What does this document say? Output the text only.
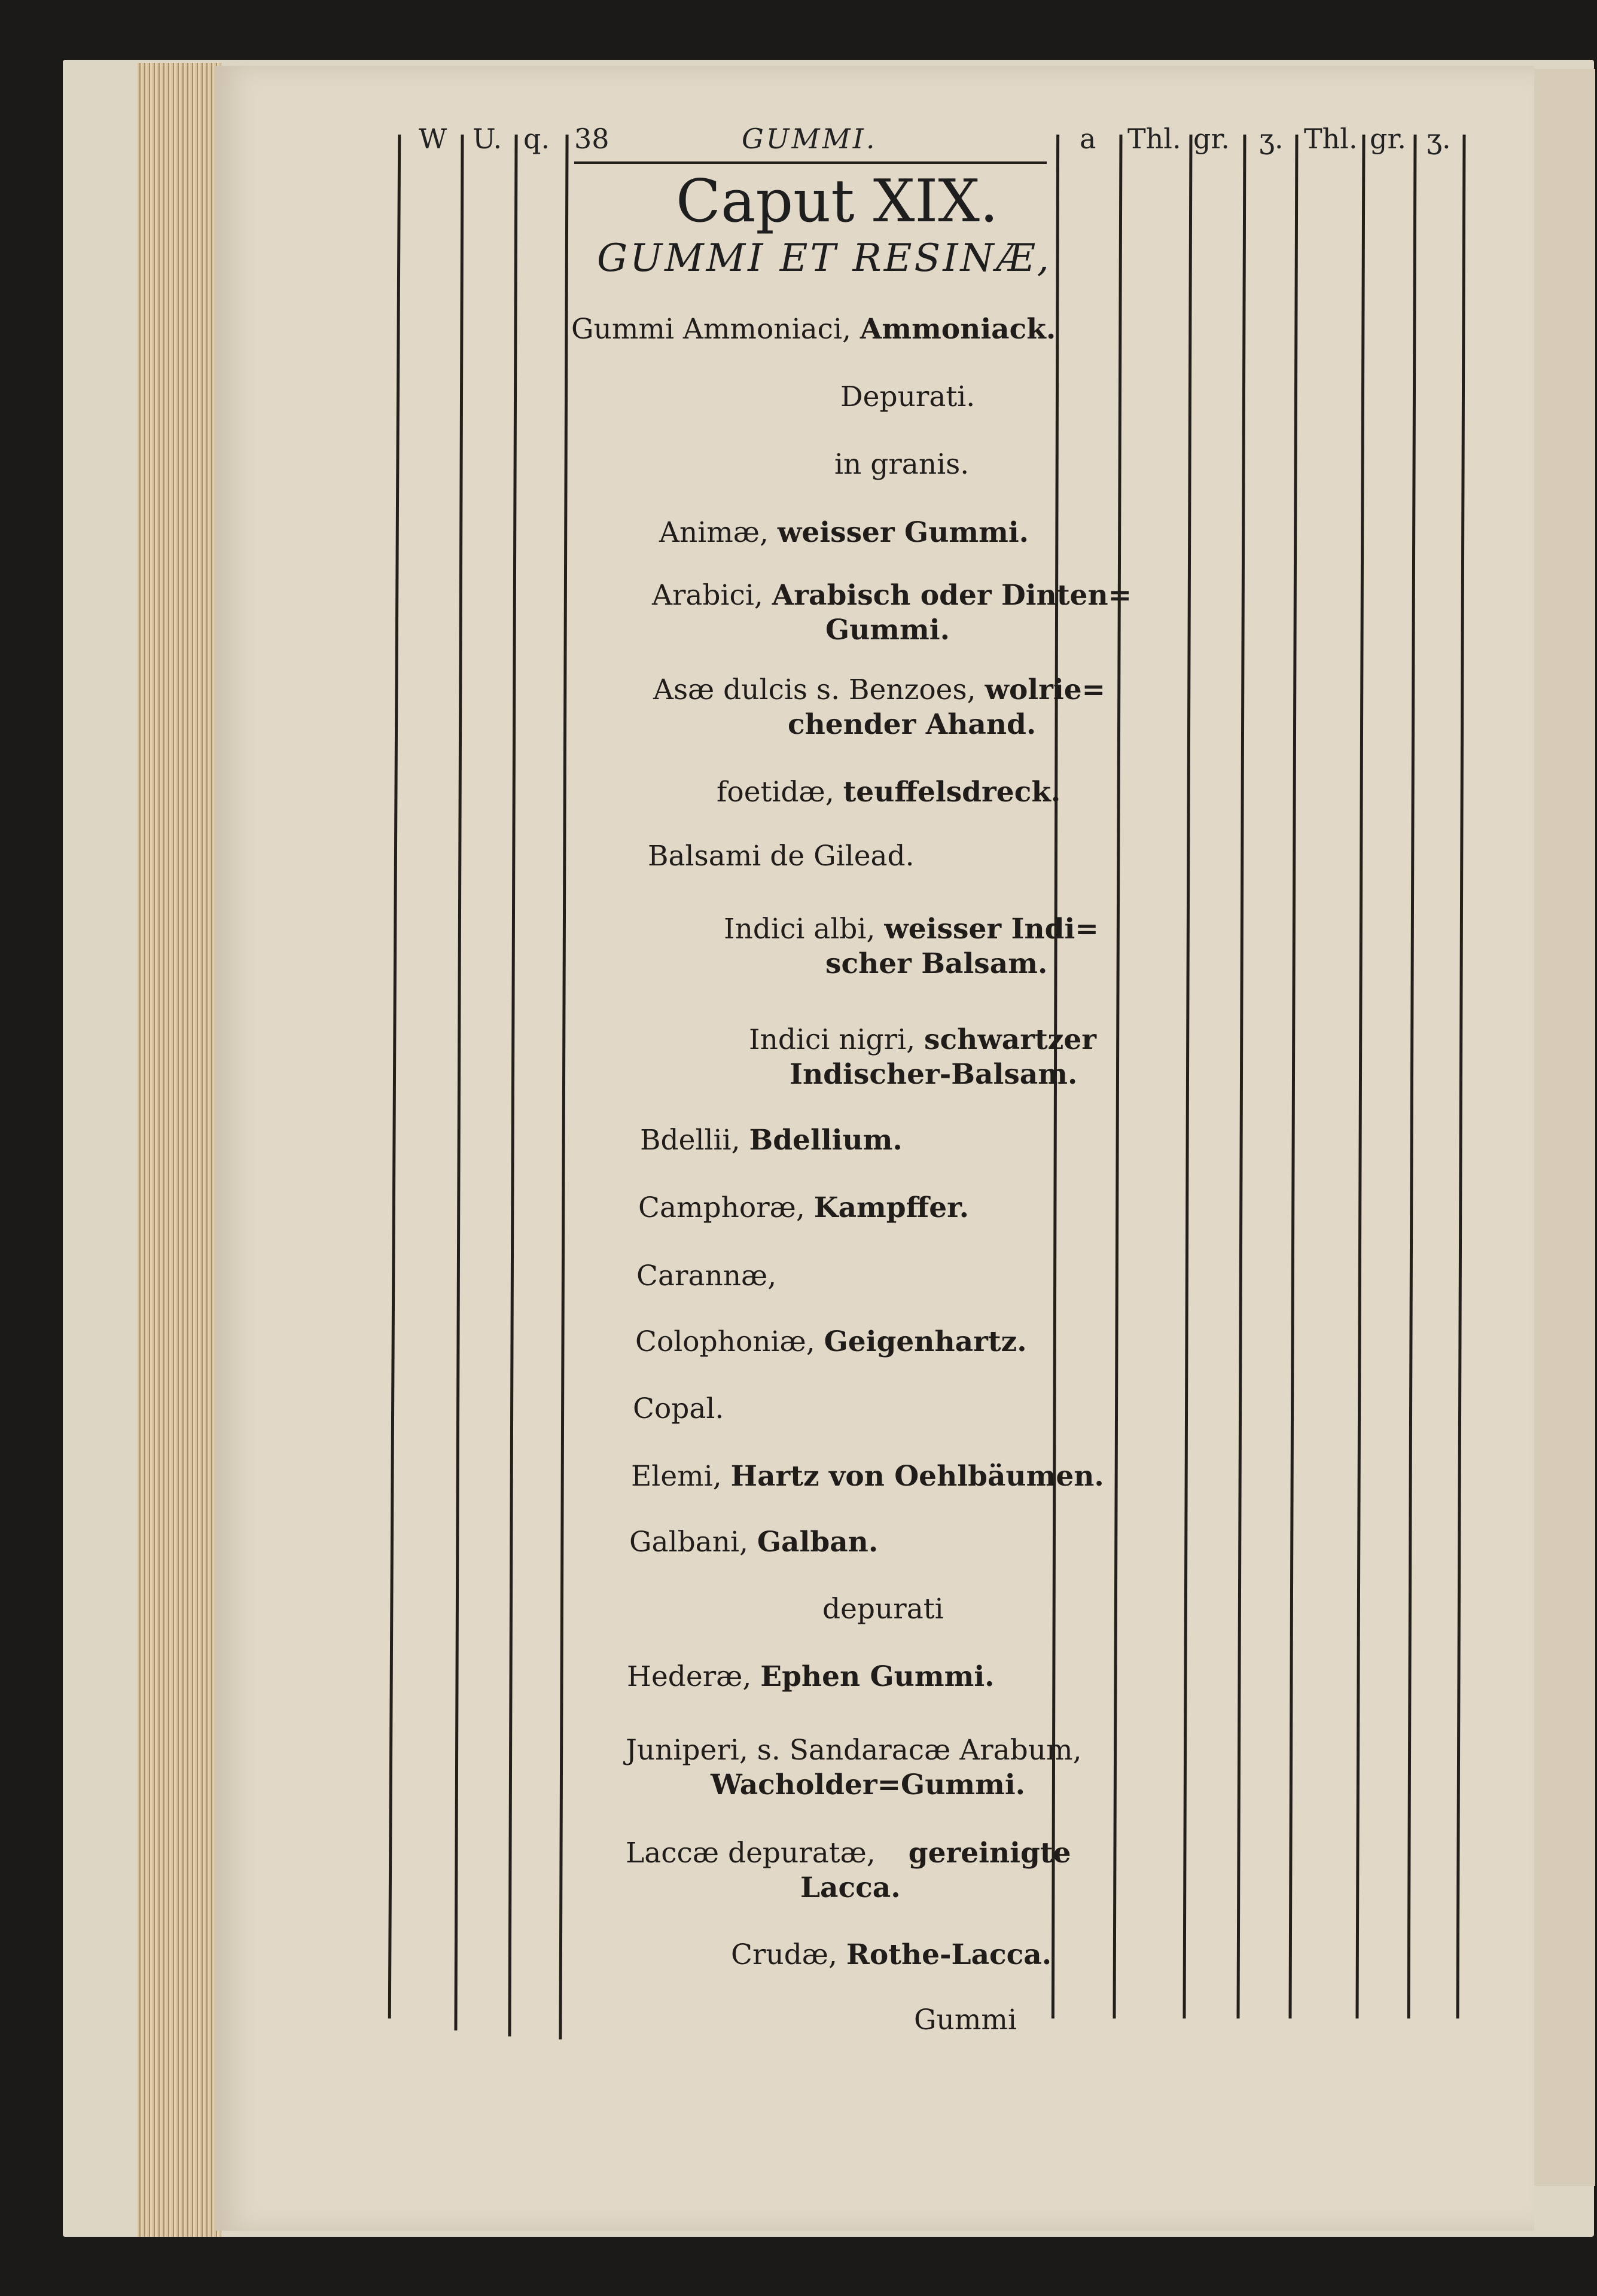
W U. q. 38	GUMMI.	a Thl. gr. ʒ. Thl. gr. ʒ.
Caput XIX.
GUMMI ET RESINÆ,
Gummi Ammoniaci, Ammoniack.
Depurati.
in granis.
Animæ, weisser Gummi.
Arabici, Arabisch oder Dinten=
Gummi.
Asæ dulcis s. Benzoes, wolrie=
chender Ahand.
foetidæ, teuffelsdreck.
Balsami de Gilead.
Indici albi, weisser Indi=
scher Balsam.
Indici nigri, schwartzer
Indischer-Balsam.
Bdellii, Bdellium.
Camphoræ, Kampffer.
Carannæ,
Colophoniæ, Geigenhartz.
Copal.
Elemi, Hartz von Oehlbäumen.
Galbani, Galban.
depurati
Hederæ, Ephen Gummi.
Juniperi, s. Sandaracæ Arabum,
Wacholder=Gummi.
Laccæ depuratæ, gereinigte
Lacca.
Crudæ, Rothe-Lacca.
Gummi
